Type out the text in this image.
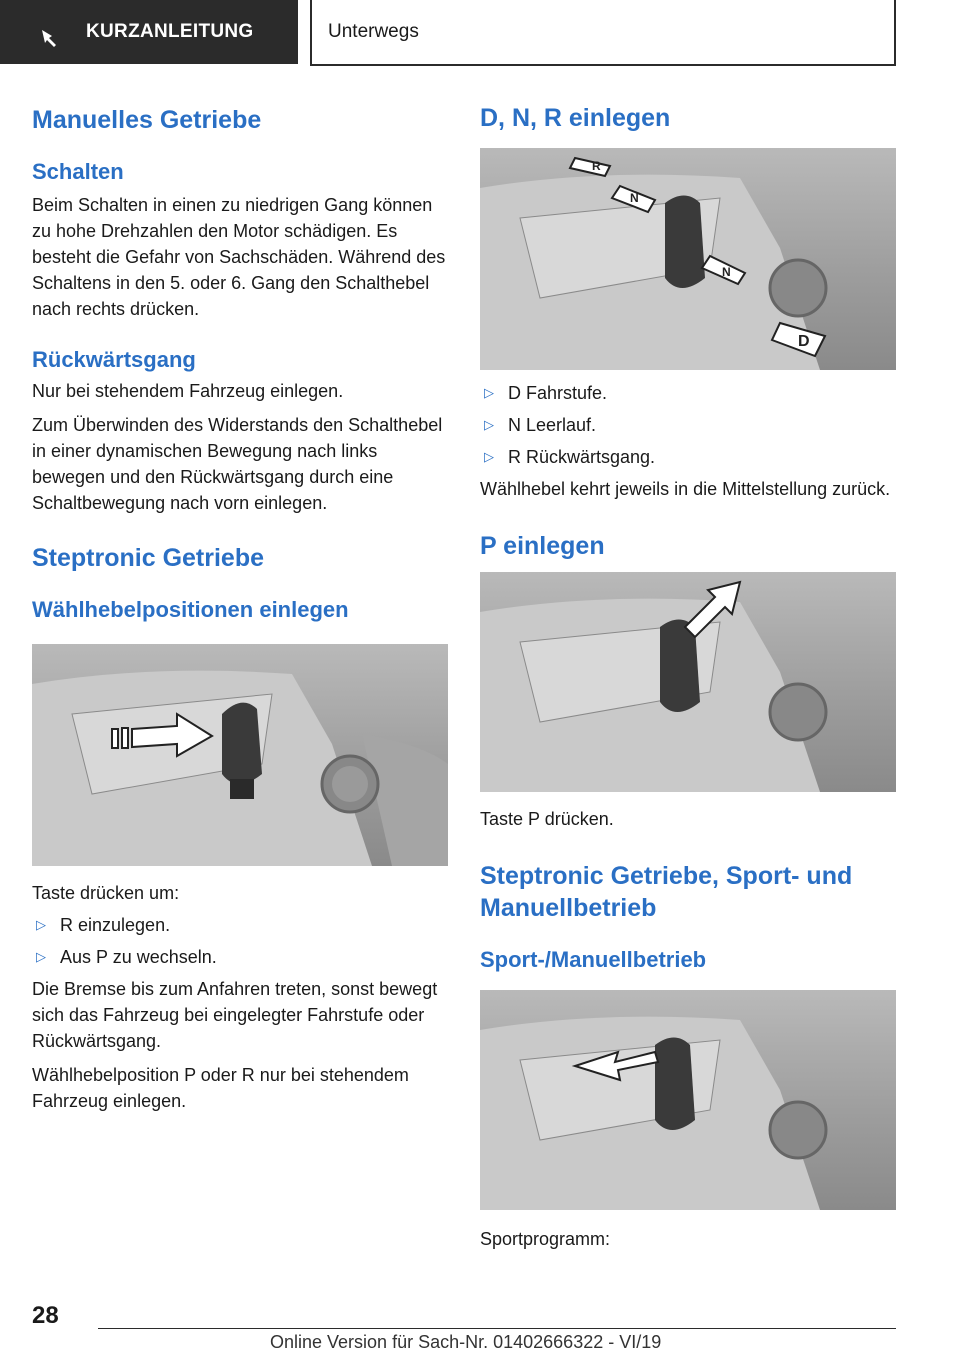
KURZANLEITUNG	Unterwegs
Manuelles Getriebe
Schalten

Beim Schalten in einen zu niedrigen Gang können zu hohe Drehzahlen den Motor schädigen. Es besteht die Gefahr von Sachschäden. Während des Schaltens in den 5. oder 6. Gang den Schalthebel nach rechts drücken.

Rückwärtsgang

Nur bei stehendem Fahrzeug einlegen.

Zum Überwinden des Widerstands den Schalthebel in einer dynamischen Bewegung nach links bewegen und den Rückwärtsgang durch eine Schaltbewegung nach vorn einlegen.

Steptronic Getriebe
Wählhebelpositionen einlegen

Taste drücken um:

▷ R einzulegen.
▷ Aus P zu wechseln.

Die Bremse bis zum Anfahren treten, sonst bewegt sich das Fahrzeug bei eingelegter Fahrstufe oder Rückwärtsgang.

Wählhebelposition P oder R nur bei stehendem Fahrzeug einlegen.

D, N, R einlegen
R
N
N
D
▷ D Fahrstufe.
▷ N Leerlauf.
▷ R Rückwärtsgang.

Wählhebel kehrt jeweils in die Mittelstellung zurück.

P einlegen

Taste P drücken.

Steptronic Getriebe, Sport- und Manuellbetrieb
Sport-/Manuellbetrieb

Sportprogramm:

28
Online Version für Sach-Nr. 01402666322 - VI/19
